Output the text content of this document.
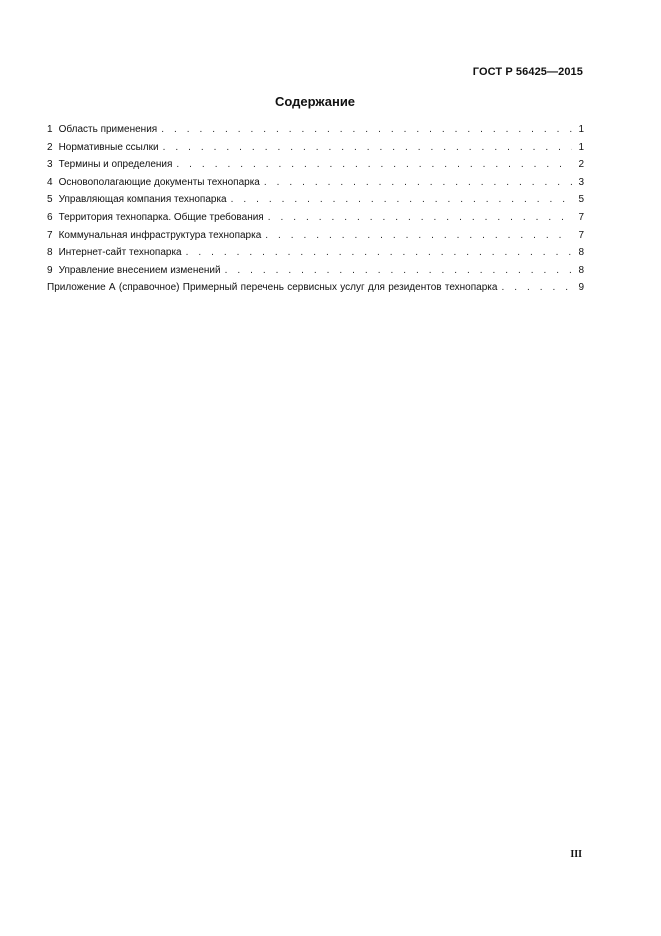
ГОСТ Р 56425—2015
Содержание
1 Область применения . . .	1
2 Нормативные ссылки . . .	1
3 Термины и определения . . .	2
4 Основополагающие документы технопарка . . .	3
5 Управляющая компания технопарка . . .	5
6 Территория технопарка. Общие требования . . .	7
7 Коммунальная инфраструктура технопарка . . .	7
8 Интернет-сайт технопарка . . .	8
9 Управление внесением изменений . . .	8
Приложение А (справочное) Примерный перечень сервисных услуг для резидентов технопарка . . .	9
III
